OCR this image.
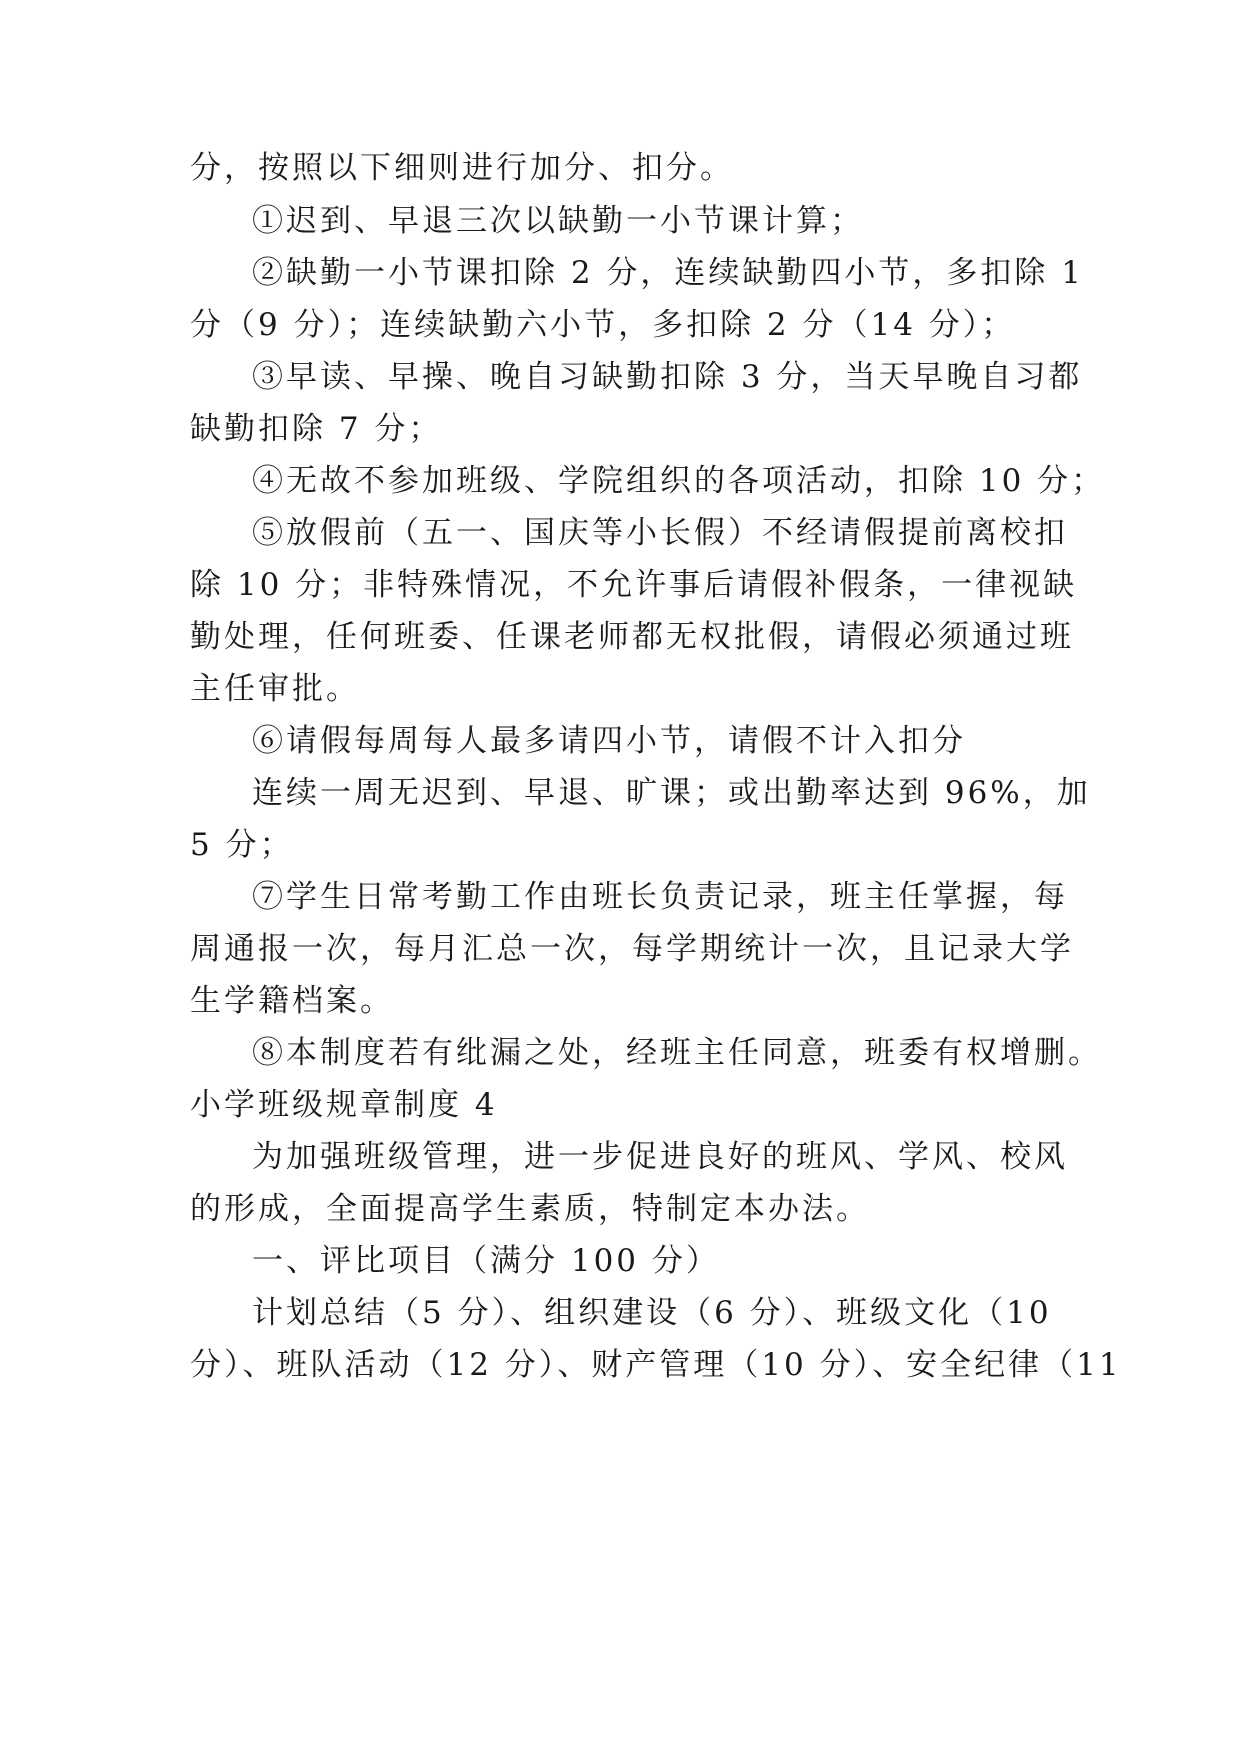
分，按照以下细则进行加分、扣分。
①迟到、早退三次以缺勤一小节课计算；
②缺勤一小节课扣除 2 分，连续缺勤四小节，多扣除 1
分（9 分）；连续缺勤六小节，多扣除 2 分（14 分）；
③早读、早操、晚自习缺勤扣除 3 分，当天早晚自习都
缺勤扣除 7 分；
④无故不参加班级、学院组织的各项活动，扣除 10 分；
⑤放假前（五一、国庆等小长假）不经请假提前离校扣
除 10 分；非特殊情况，不允许事后请假补假条，一律视缺
勤处理，任何班委、任课老师都无权批假，请假必须通过班
主任审批。
⑥请假每周每人最多请四小节，请假不计入扣分
连续一周无迟到、早退、旷课；或出勤率达到 96%，加
5 分；
⑦学生日常考勤工作由班长负责记录，班主任掌握，每
周通报一次，每月汇总一次，每学期统计一次，且记录大学
生学籍档案。
⑧本制度若有纰漏之处，经班主任同意，班委有权增删。
小学班级规章制度 4
为加强班级管理，进一步促进良好的班风、学风、校风
的形成，全面提高学生素质，特制定本办法。
一、评比项目（满分 100 分）
计划总结（5 分）、组织建设（6 分）、班级文化（10
分）、班队活动（12 分）、财产管理（10 分）、安全纪律（11
